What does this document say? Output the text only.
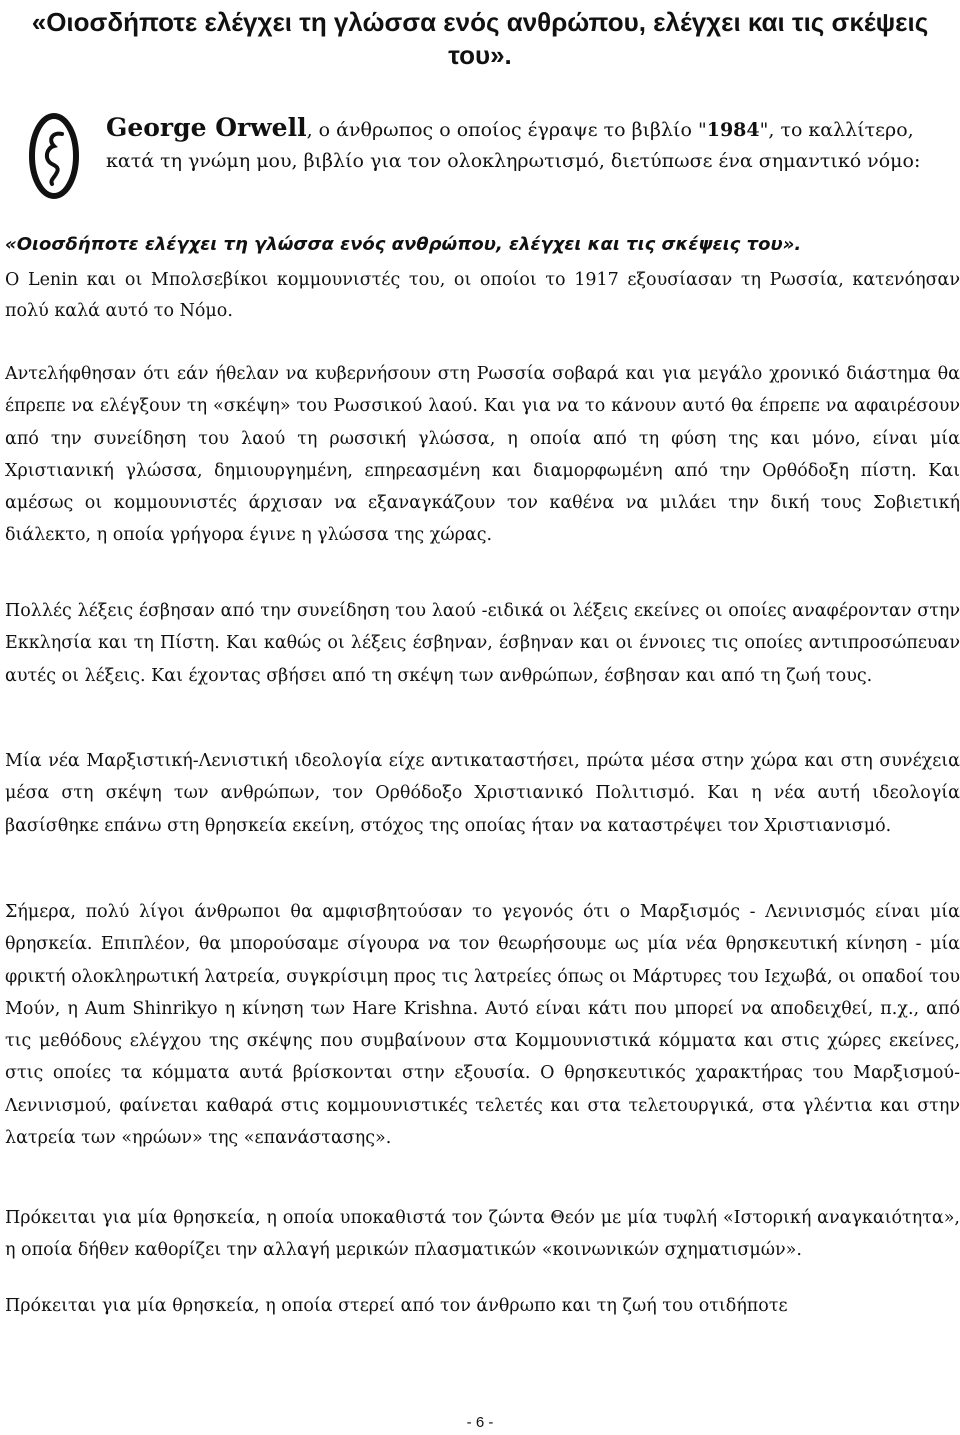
«Οιοσδήποτε ελέγχει τη γλώσσα ενός ανθρώπου, ελέγχει και τις σκέψεις του».

George Orwell, ο άνθρωπος ο οποίος έγραψε το βιβλίο "1984", το καλλίτερο, κατά τη γνώμη μου, βιβλίο για τον ολοκληρωτισμό, διετύπωσε ένα σημαντικό νόμο:

«Οιοσδήποτε ελέγχει τη γλώσσα ενός ανθρώπου, ελέγχει και τις σκέψεις του».

Ο Lenin και οι Μπολσεβίκοι κομμουνιστές του, οι οποίοι το 1917 εξουσίασαν τη Ρωσσία, κατενόησαν πολύ καλά αυτό το Νόμο.

Αντελήφθησαν ότι εάν ήθελαν να κυβερνήσουν στη Ρωσσία σοβαρά και για μεγάλο χρονικό διάστημα θα έπρεπε να ελέγξουν τη «σκέψη» του Ρωσσικού λαού. Και για να το κάνουν αυτό θα έπρεπε να αφαιρέσουν από την συνείδηση του λαού τη ρωσσική γλώσσα, η οποία από τη φύση της και μόνο, είναι μία Χριστιανική γλώσσα, δημιουργημένη, επηρεασμένη και διαμορφωμένη από την Ορθόδοξη πίστη. Και αμέσως οι κομμουνιστές άρχισαν να εξαναγκάζουν τον καθένα να μιλάει την δική τους Σοβιετική διάλεκτο, η οποία γρήγορα έγινε η γλώσσα της χώρας.

Πολλές λέξεις έσβησαν από την συνείδηση του λαού -ειδικά οι λέξεις εκείνες οι οποίες αναφέρονταν στην Εκκλησία και τη Πίστη. Και καθώς οι λέξεις έσβηναν, έσβηναν και οι έννοιες τις οποίες αντιπροσώπευαν αυτές οι λέξεις. Και έχοντας σβήσει από τη σκέψη των ανθρώπων, έσβησαν και από τη ζωή τους.

Μία νέα Μαρξιστική-Λενιστική ιδεολογία είχε αντικαταστήσει, πρώτα μέσα στην χώρα και στη συνέχεια μέσα στη σκέψη των ανθρώπων, τον Ορθόδοξο Χριστιανικό Πολιτισμό. Και η νέα αυτή ιδεολογία βασίσθηκε επάνω στη θρησκεία εκείνη, στόχος της οποίας ήταν να καταστρέψει τον Χριστιανισμό.

Σήμερα, πολύ λίγοι άνθρωποι θα αμφισβητούσαν το γεγονός ότι ο Μαρξισμός - Λενινισμός είναι μία θρησκεία. Επιπλέον, θα μπορούσαμε σίγουρα να τον θεωρήσουμε ως μία νέα θρησκευτική κίνηση - μία φρικτή ολοκληρωτική λατρεία, συγκρίσιμη προς τις λατρείες όπως οι Μάρτυρες του Ιεχωβά, οι οπαδοί του Μούν, η Aum Shinrikyo η κίνηση των Hare Krishna. Αυτό είναι κάτι που μπορεί να αποδειχθεί, π.χ., από τις μεθόδους ελέγχου της σκέψης που συμβαίνουν στα Κομμουνιστικά κόμματα και στις χώρες εκείνες, στις οποίες τα κόμματα αυτά βρίσκονται στην εξουσία. Ο θρησκευτικός χαρακτήρας του Μαρξισμού-Λενινισμού, φαίνεται καθαρά στις κομμουνιστικές τελετές και στα τελετουργικά, στα γλέντια και στην λατρεία των «ηρώων» της «επανάστασης».

Πρόκειται για μία θρησκεία, η οποία υποκαθιστά τον ζώντα Θεόν με μία τυφλή «Ιστορική αναγκαιότητα», η οποία δήθεν καθορίζει την αλλαγή μερικών πλασματικών «κοινωνικών σχηματισμών».

Πρόκειται για μία θρησκεία, η οποία στερεί από τον άνθρωπο και τη ζωή του οτιδήποτε

- 6 -
